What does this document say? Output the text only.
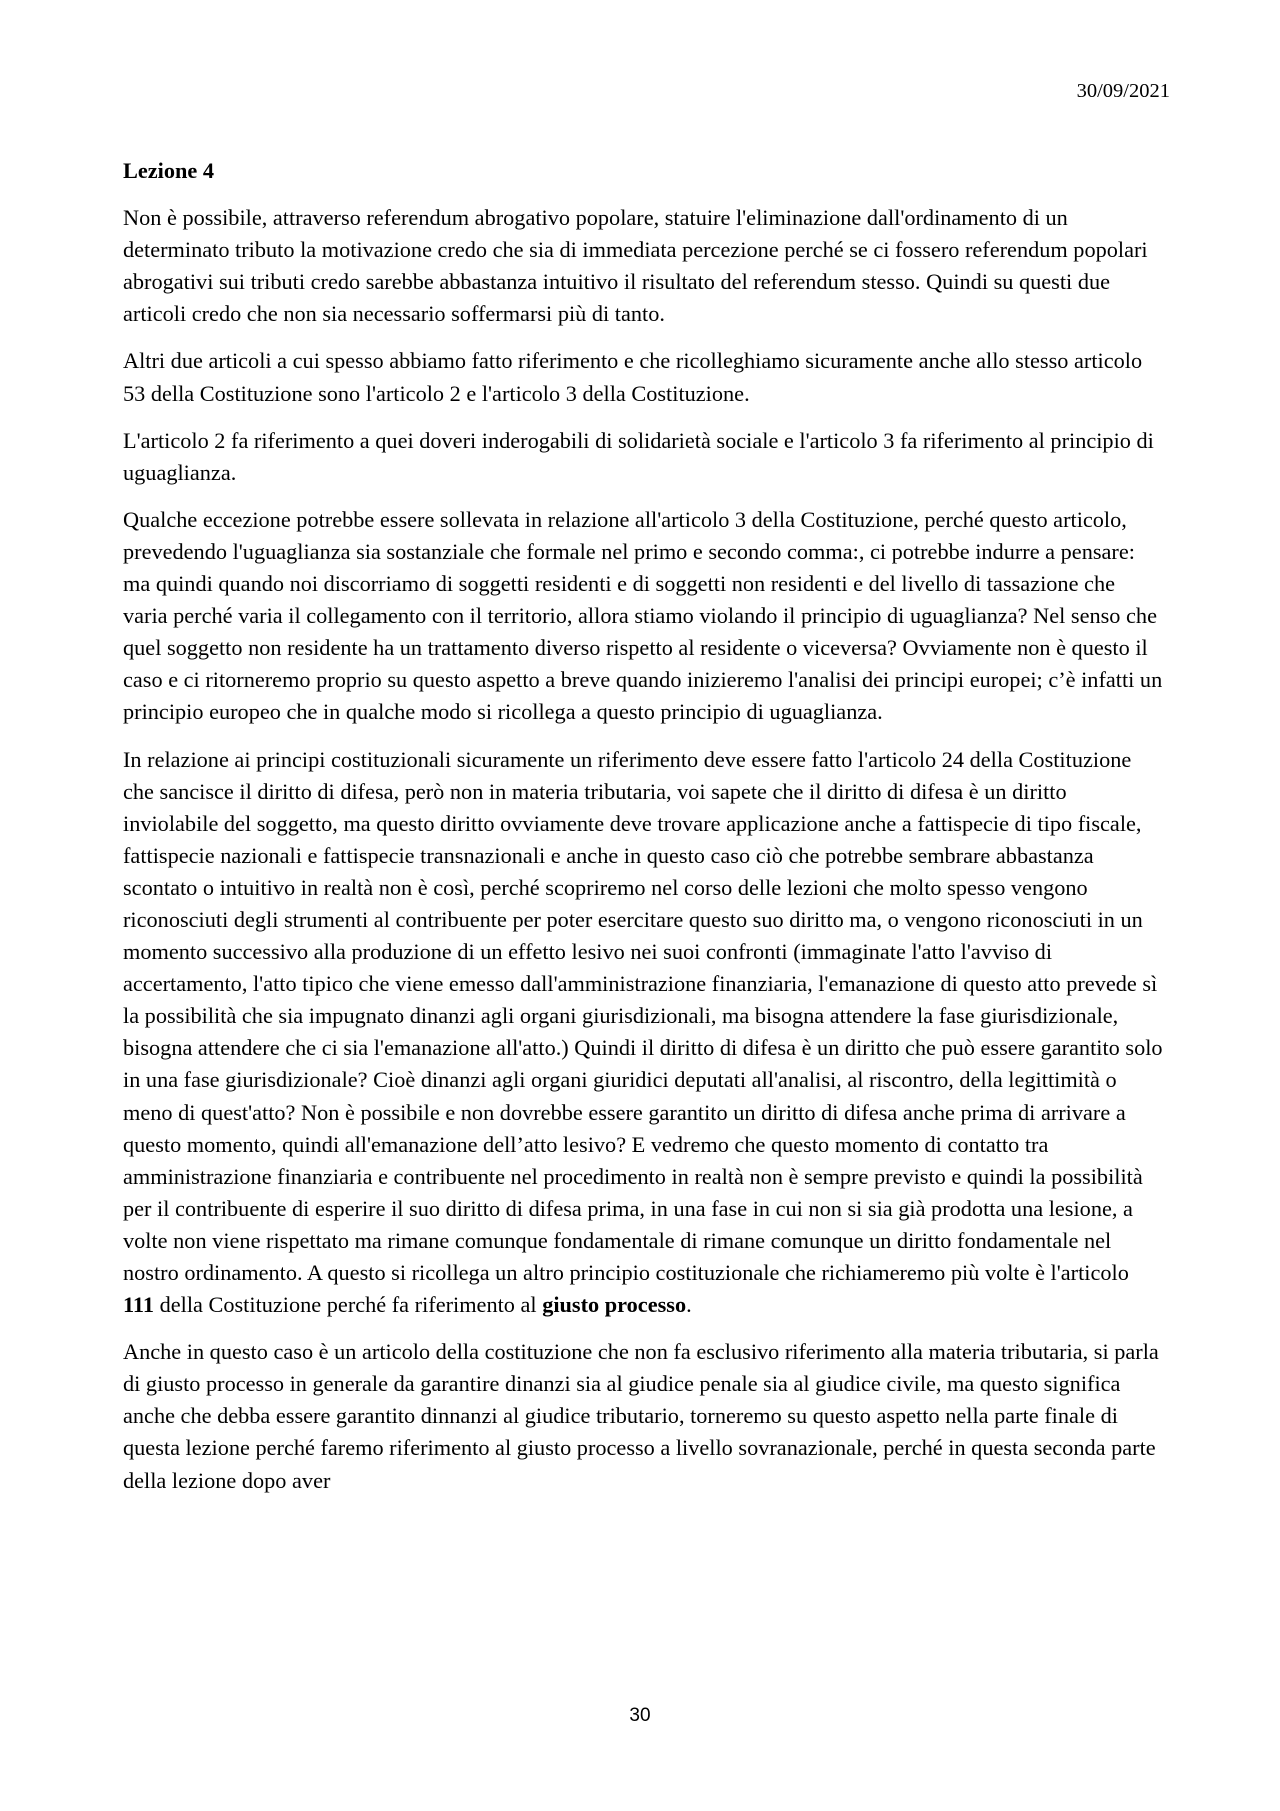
30/09/2021
Lezione 4

Non è possibile, attraverso referendum abrogativo popolare, statuire l'eliminazione dall'ordinamento di un determinato tributo la motivazione credo che sia di immediata percezione perché se ci fossero referendum popolari abrogativi sui tributi credo sarebbe abbastanza intuitivo il risultato del referendum stesso. Quindi su questi due articoli credo che non sia necessario soffermarsi più di tanto.

Altri due articoli a cui spesso abbiamo fatto riferimento e che ricolleghiamo sicuramente anche allo stesso articolo 53 della Costituzione sono l'articolo 2 e l'articolo 3 della Costituzione.

L'articolo 2 fa riferimento a quei doveri inderogabili di solidarietà sociale e l'articolo 3 fa riferimento al principio di uguaglianza.

Qualche eccezione potrebbe essere sollevata in relazione all'articolo 3 della Costituzione, perché questo articolo, prevedendo l'uguaglianza sia sostanziale che formale nel primo e secondo comma:, ci potrebbe indurre a pensare: ma quindi quando noi discorriamo di soggetti residenti e di soggetti non residenti e del livello di tassazione che varia perché varia il collegamento con il territorio, allora stiamo violando il principio di uguaglianza? Nel senso che quel soggetto non residente ha un trattamento diverso rispetto al residente o viceversa? Ovviamente non è questo il caso e ci ritorneremo proprio su questo aspetto a breve quando inizieremo l'analisi dei principi europei; c’è infatti un principio europeo che in qualche modo si ricollega a questo principio di uguaglianza.

In relazione ai principi costituzionali sicuramente un riferimento deve essere fatto l'articolo 24 della Costituzione che sancisce il diritto di difesa, però non in materia tributaria, voi sapete che il diritto di difesa è un diritto inviolabile del soggetto, ma questo diritto ovviamente deve trovare applicazione anche a fattispecie di tipo fiscale, fattispecie nazionali e fattispecie transnazionali e anche in questo caso ciò che potrebbe sembrare abbastanza scontato o intuitivo in realtà non è così, perché scopriremo nel corso delle lezioni che molto spesso vengono riconosciuti degli strumenti al contribuente per poter esercitare questo suo diritto ma, o vengono riconosciuti in un momento successivo alla produzione di un effetto lesivo nei suoi confronti (immaginate l'atto l'avviso di accertamento, l'atto tipico che viene emesso dall'amministrazione finanziaria, l'emanazione di questo atto prevede sì la possibilità che sia impugnato dinanzi agli organi giurisdizionali, ma bisogna attendere la fase giurisdizionale, bisogna attendere che ci sia l'emanazione all'atto.) Quindi il diritto di difesa è un diritto che può essere garantito solo in una fase giurisdizionale? Cioè dinanzi agli organi giuridici deputati all'analisi, al riscontro, della legittimità o meno di quest'atto? Non è possibile e non dovrebbe essere garantito un diritto di difesa anche prima di arrivare a questo momento, quindi all'emanazione dell’atto lesivo? E vedremo che questo momento di contatto tra amministrazione finanziaria e contribuente nel procedimento in realtà non è sempre previsto e quindi la possibilità per il contribuente di esperire il suo diritto di difesa prima, in una fase in cui non si sia già prodotta una lesione, a volte non viene rispettato ma rimane comunque fondamentale di rimane comunque un diritto fondamentale nel nostro ordinamento. A questo si ricollega un altro principio costituzionale che richiameremo più volte è l'articolo 111 della Costituzione perché fa riferimento al giusto processo.

Anche in questo caso è un articolo della costituzione che non fa esclusivo riferimento alla materia tributaria, si parla di giusto processo in generale da garantire dinanzi sia al giudice penale sia al giudice civile, ma questo significa anche che debba essere garantito dinnanzi al giudice tributario, torneremo su questo aspetto nella parte finale di questa lezione perché faremo riferimento al giusto processo a livello sovranazionale, perché in questa seconda parte della lezione dopo aver

30
